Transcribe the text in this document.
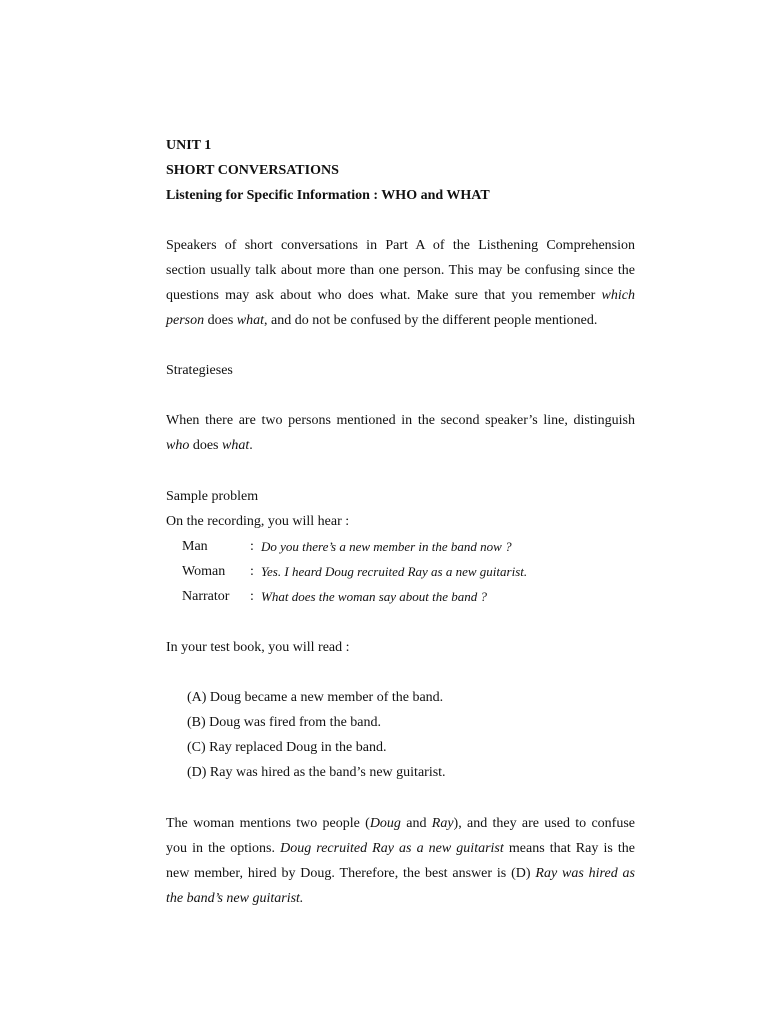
UNIT 1
SHORT CONVERSATIONS
Listening for Specific Information : WHO and WHAT
Speakers of short conversations in Part A of the Listhening Comprehension
section usually talk about more than one person. This may be confusing since the
questions may ask about who does what. Make sure that you remember which
person does what, and do not be confused by the different people mentioned.
Strategieses
When there are two persons mentioned in the second speaker’s line, distinguish
who does what.
Sample problem
On the recording, you will hear :
Man	: Do you there’s a new member in the band now ?
Woman : Yes. I heard Doug recruited Ray as a new guitarist.
Narrator : What does the woman say about the band ?
In your test book, you will read :
(A) Doug became a new member of the band.
(B) Doug was fired from the band.
(C) Ray replaced Doug in the band.
(D) Ray was hired as the band’s new guitarist.
The woman mentions two people (Doug and Ray), and they are used to confuse
you in the options. Doug recruited Ray as a new guitarist means that Ray is the
new member, hired by Doug. Therefore, the best answer is (D) Ray was hired as
the band’s new guitarist.
